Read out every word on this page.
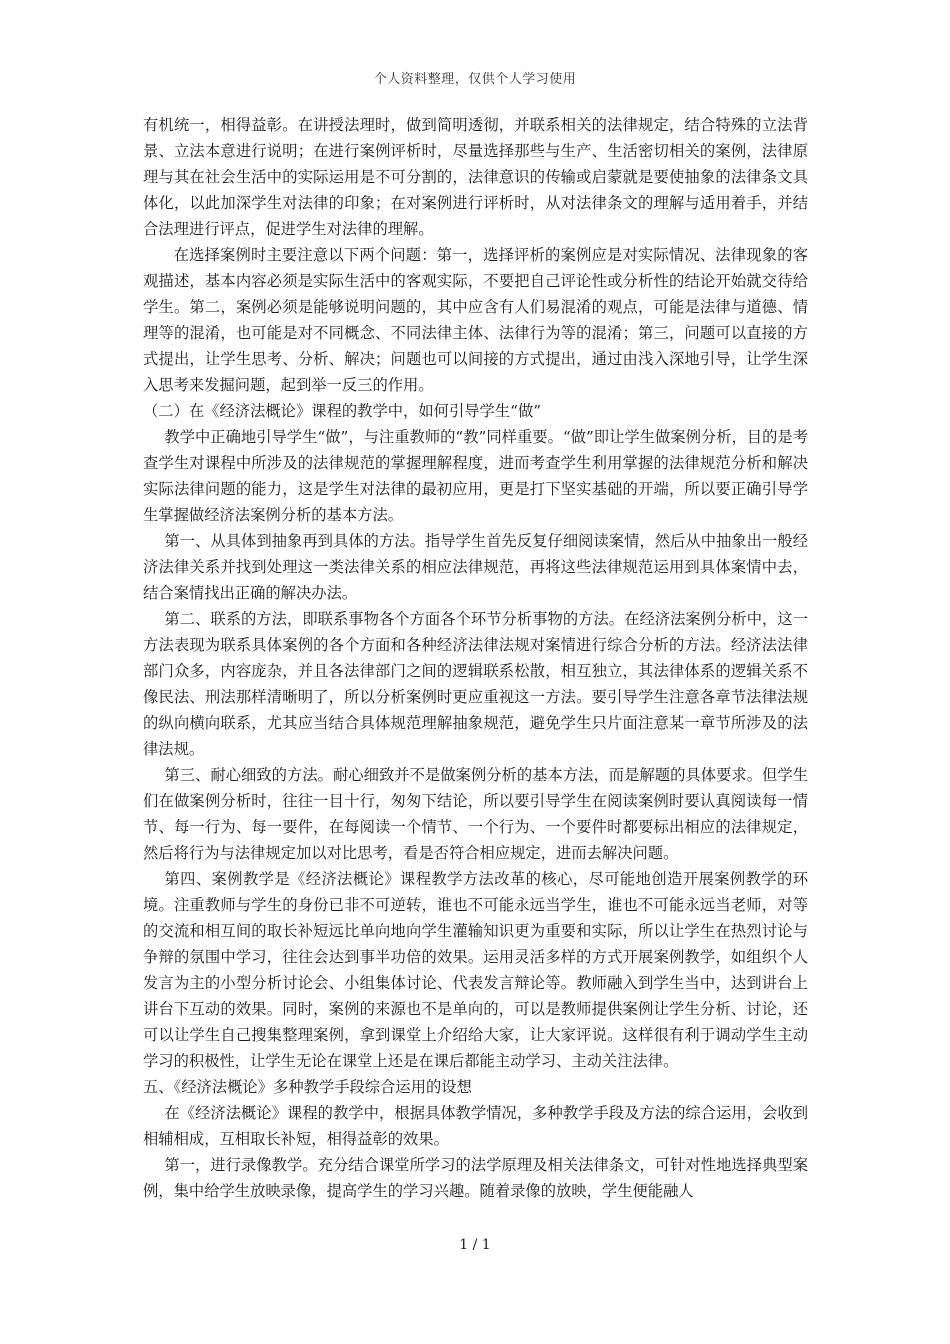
个人资料整理，仅供个人学习使用

有机统一，相得益彰。在讲授法理时，做到简明透彻，并联系相关的法律规定，结合特殊的立法背景、立法本意进行说明；在进行案例评析时，尽量选择那些与生产、生活密切相关的案例，法律原理与其在社会生活中的实际运用是不可分割的，法律意识的传输或启蒙就是要使抽象的法律条文具体化，以此加深学生对法律的印象；在对案例进行评析时，从对法律条文的理解与适用着手，并结合法理进行评点，促进学生对法律的理解。

在选择案例时主要注意以下两个问题：第一，选择评析的案例应是对实际情况、法律现象的客观描述，基本内容必须是实际生活中的客观实际，不要把自己评论性或分析性的结论开始就交待给学生。第二，案例必须是能够说明问题的，其中应含有人们易混淆的观点，可能是法律与道德、情理等的混淆，也可能是对不同概念、不同法律主体、法律行为等的混淆；第三，问题可以直接的方式提出，让学生思考、分析、解决；问题也可以间接的方式提出，通过由浅入深地引导，让学生深入思考来发掘问题，起到举一反三的作用。

（二）在《经济法概论》课程的教学中，如何引导学生“做”

教学中正确地引导学生“做”，与注重教师的“教”同样重要。“做”即让学生做案例分析，目的是考查学生对课程中所涉及的法律规范的掌握理解程度，进而考查学生利用掌握的法律规范分析和解决实际法律问题的能力，这是学生对法律的最初应用，更是打下坚实基础的开端，所以要正确引导学生掌握做经济法案例分析的基本方法。

第一、从具体到抽象再到具体的方法。指导学生首先反复仔细阅读案情，然后从中抽象出一般经济法律关系并找到处理这一类法律关系的相应法律规范，再将这些法律规范运用到具体案情中去，结合案情找出正确的解决办法。

第二、联系的方法，即联系事物各个方面各个环节分析事物的方法。在经济法案例分析中，这一方法表现为联系具体案例的各个方面和各种经济法律法规对案情进行综合分析的方法。经济法法律部门众多，内容庞杂，并且各法律部门之间的逻辑联系松散，相互独立，其法律体系的逻辑关系不像民法、刑法那样清晰明了，所以分析案例时更应重视这一方法。要引导学生注意各章节法律法规的纵向横向联系，尤其应当结合具体规范理解抽象规范，避免学生只片面注意某一章节所涉及的法律法规。

第三、耐心细致的方法。耐心细致并不是做案例分析的基本方法，而是解题的具体要求。但学生们在做案例分析时，往往一目十行，匆匆下结论，所以要引导学生在阅读案例时要认真阅读每一情节、每一行为、每一要件，在每阅读一个情节、一个行为、一个要件时都要标出相应的法律规定，然后将行为与法律规定加以对比思考，看是否符合相应规定，进而去解决问题。

第四、案例教学是《经济法概论》课程教学方法改革的核心，尽可能地创造开展案例教学的环境。注重教师与学生的身份已非不可逆转，谁也不可能永远当学生，谁也不可能永远当老师，对等的交流和相互间的取长补短远比单向地向学生灌输知识更为重要和实际，所以让学生在热烈讨论与争辩的氛围中学习，往往会达到事半功倍的效果。运用灵活多样的方式开展案例教学，如组织个人发言为主的小型分析讨论会、小组集体讨论、代表发言辩论等。教师融入到学生当中，达到讲台上讲台下互动的效果。同时，案例的来源也不是单向的，可以是教师提供案例让学生分析、讨论，还可以让学生自己搜集整理案例，拿到课堂上介绍给大家，让大家评说。这样很有利于调动学生主动学习的积极性，让学生无论在课堂上还是在课后都能主动学习、主动关注法律。

五、《经济法概论》多种教学手段综合运用的设想

在《经济法概论》课程的教学中，根据具体教学情况，多种教学手段及方法的综合运用，会收到相辅相成，互相取长补短，相得益彰的效果。

第一，进行录像教学。充分结合课堂所学习的法学原理及相关法律条文，可针对性地选择典型案例，集中给学生放映录像，提高学生的学习兴趣。随着录像的放映，学生便能融人

1 / 1
